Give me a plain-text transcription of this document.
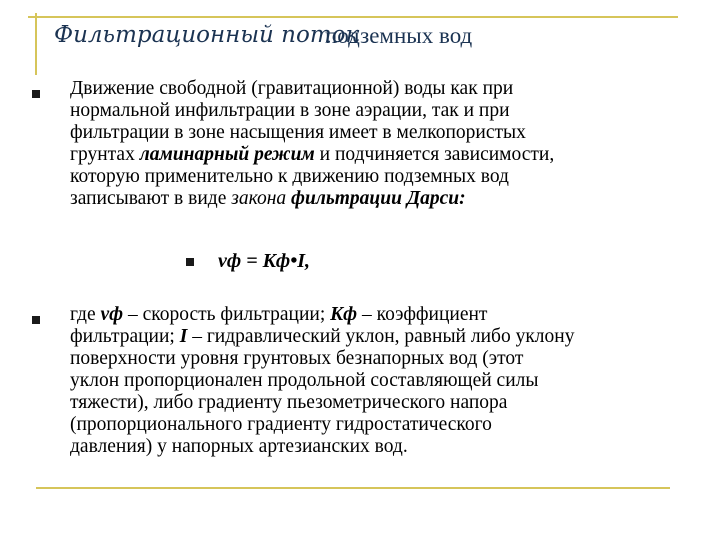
Фильтрационный поток
подземных вод
Движение свободной (гравитационной) воды как при
нормальной инфильтрации в зоне аэрации, так и при
фильтрации в зоне насыщения имеет в мелкопористых
грунтах ламинарный режим и подчиняется зависимости,
которую применительно к движению подземных вод
записывают в виде закона фильтрации Дарси:
vф = Kф•I,
где vф – скорость фильтрации; Kф – коэффициент
фильтрации; I – гидравлический уклон, равный либо уклону
поверхности уровня грунтовых безнапорных вод (этот
уклон пропорционален продольной составляющей силы
тяжести), либо градиенту пьезометрического напора
(пропорционального градиенту гидростатического
давления) у напорных артезианских вод.
